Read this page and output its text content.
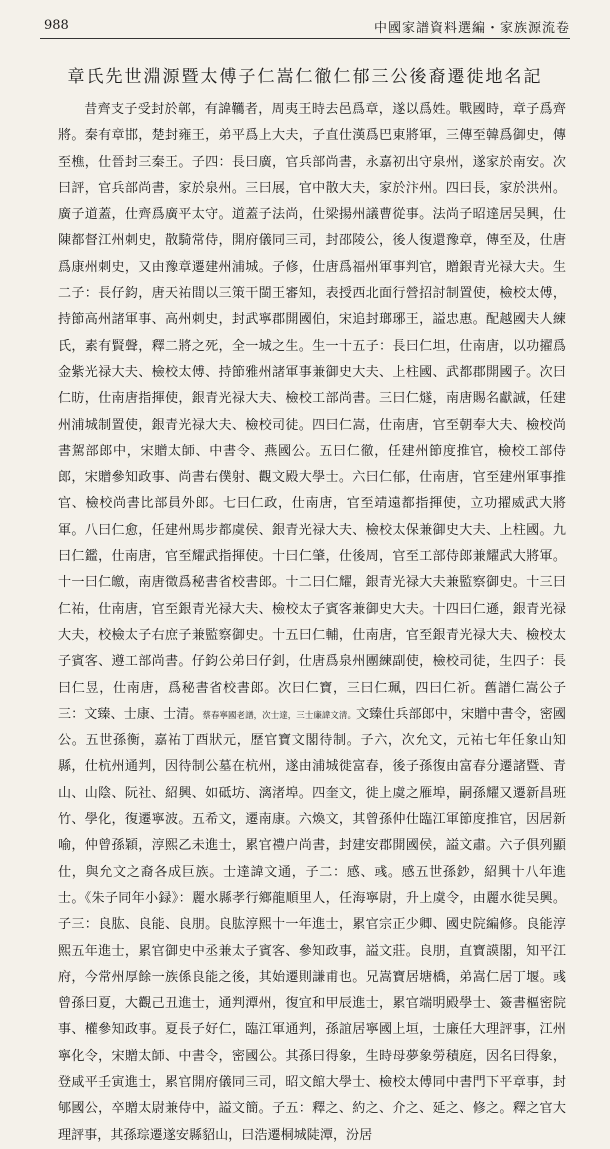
988	中國家譜資料選編・家族源流卷
章氏先世淵源暨太傅子仁嵩仁徹仁郁三公後裔遷徙地名記

昔齊支子受封於鄣，有諱韉者，周夷王時去邑爲章，遂以爲姓。戰國時，章子爲齊將。秦有章邯，楚封雍王，弟平爲上大夫，子直仕漢爲巴東將軍，三傳至韓爲御史，傳至樵，仕晉封三秦王。子四：長曰廣，官兵部尚書，永嘉初出守泉州，遂家於南安。次曰評，官兵部尚書，家於泉州。三曰展，官中散大夫，家於汴州。四曰長，家於洪州。廣子道蓋，仕齊爲廣平太守。道蓋子法尚，仕梁揚州議曹從事。法尚子昭達居吴興，仕陳都督江州刺史，散騎常侍，開府儀同三司，封邵陵公，後人復還豫章，傳至及，仕唐爲康州刺史，又由豫章遷建州浦城。子修，仕唐爲福州軍事判官，贈銀青光禄大夫。生二子：長仔鈞，唐天祐間以三策干閩王審知，表授西北面行營招討制置使，檢校太傅，持節高州諸軍事、高州刺史，封武寧郡開國伯，宋追封瑯琊王，謚忠惠。配越國夫人練氏，素有賢聲，釋二將之死，全一城之生。生一十五子：長曰仁坦，仕南唐，以功擢爲金紫光禄大夫、檢校太傅、持節雅州諸軍事兼御史大夫、上柱國、武都郡開國子。次曰仁昉，仕南唐指揮使，銀青光禄大夫、檢校工部尚書。三曰仁燧，南唐賜名獻誠，任建州浦城制置使，銀青光禄大夫、檢校司徒。四曰仁嵩，仕南唐，官至朝奉大夫、檢校尚書駕部郎中，宋贈太師、中書令、燕國公。五曰仁徹，任建州節度推官，檢校工部侍郎，宋贈參知政事、尚書右僕射、觀文殿大學士。六曰仁郁，仕南唐，官至建州軍事推官、檢校尚書比部員外郎。七曰仁政，仕南唐，官至靖遠都指揮使，立功擢威武大將軍。八曰仁愈，任建州馬步都虞侯、銀青光禄大夫、檢校太保兼御史大夫、上柱國。九曰仁鑑，仕南唐，官至耀武指揮使。十曰仁肇，仕後周，官至工部侍郎兼耀武大將軍。十一曰仁皦，南唐徵爲秘書省校書郎。十二曰仁耀，銀青光禄大夫兼監察御史。十三曰仁祐，仕南唐，官至銀青光禄大夫、檢校太子賓客兼御史大夫。十四曰仁遜，銀青光禄大夫，校檢太子右庶子兼監察御史。十五曰仁輔，仕南唐，官至銀青光禄大夫、檢校太子賓客、遵工部尚書。仔鈞公弟曰仔釗，仕唐爲泉州團練副使，檢校司徒，生四子：長曰仁昱，仕南唐，爲秘書省校書郎。次曰仁寶，三曰仁珮，四曰仁祈。舊譜仁嵩公子三：文臻、士康、士清。蔡春寧國老譜，次士達，三士廉諱文清。文臻仕兵部郎中，宋贈中書令，密國公。五世孫衡，嘉祐丁酉狀元，歷官寶文閣待制。子六，次允文，元祐七年任象山知縣，仕杭州通判，因待制公墓在杭州，遂由浦城徙富春，後子孫復由富春分遷諸暨、青山、山陰、阮社、紹興、如砥坊、漓渚埠。四奎文，徙上虞之雁埠，嗣孫耀又遷新昌班竹、學化，復遷寧波。五希文，遷南康。六煥文，其曾孫仲仕臨江軍節度推官，因居新喻，仲曾孫穎，淳熙乙未進士，累官禮户尚書，封建安郡開國侯，謚文肅。六子俱列顯仕，與允文之裔各成巨族。士達諱文通，子二：感、彧。感五世孫鈔，紹興十八年進士。《朱子同年小録》：麗水縣孝行鄉龍順里人，任海寧尉，升上虞令，由麗水徙吴興。子三：良肱、良能、良朋。良肱淳熙十一年進士，累官宗正少卿、國史院編修。良能淳熙五年進士，累官御史中丞兼太子賓客、參知政事，謚文莊。良朋，直寶謨閣，知平江府，今常州厚餘一族係良能之後，其始遷則謙甫也。兄嵩寶居塘橋，弟嵩仁居丁堰。彧曾孫曰夏，大觀己丑進士，通判潭州，復宜和甲辰進士，累官端明殿學士、簽書樞密院事、權參知政事。夏長子好仁，臨江軍通判，孫誼居寧國上垣，士廉任大理評事，江州寧化令，宋贈太師、中書令，密國公。其孫曰得象，生時母夢象勞積庭，因名曰得象，登咸平壬寅進士，累官開府儀同三司，昭文館大學士、檢校太傅同中書門下平章事，封郇國公，卒贈太尉兼侍中，謚文簡。子五：釋之、約之、介之、延之、修之。釋之官大理評事，其孫琮遷遂安縣貂山，曰浩遷桐城陡潭，汾居
